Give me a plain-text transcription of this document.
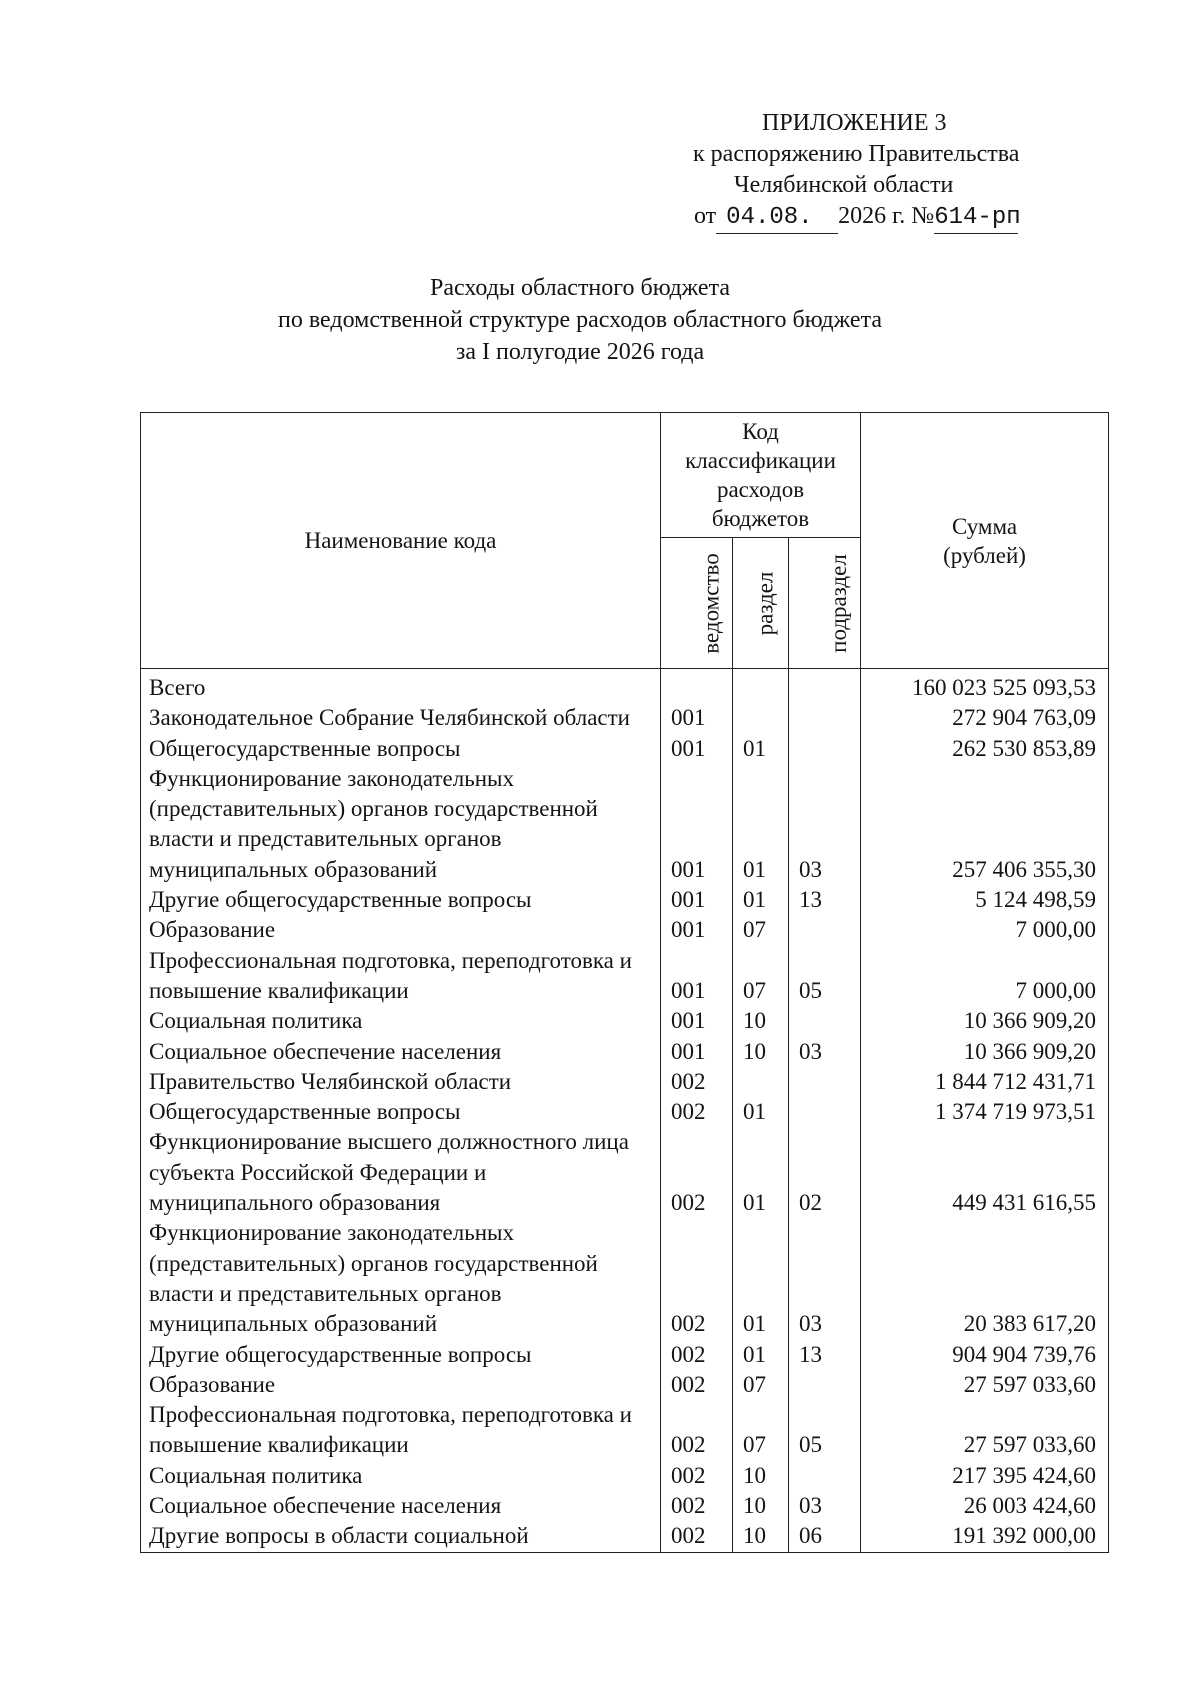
ПРИЛОЖЕНИЕ 3
к распоряжению Правительства
Челябинской области
от 04.08. 2026 г. №614-рп
Расходы областного бюджета
по ведомственной структуре расходов областного бюджета
за I полугодие 2026 года
Наименование кода	Код классификации расходов бюджетов			Сумма (рублей)
	ведомство	раздел	подраздел	
Всего				160 023 525 093,53
Законодательное Собрание Челябинской области	001			272 904 763,09
Общегосударственные вопросы	001	01		262 530 853,89
Функционирование законодательных (представительных) органов государственной власти и представительных органов муниципальных образований	001	01	03	257 406 355,30
Другие общегосударственные вопросы	001	01	13	5 124 498,59
Образование	001	07		7 000,00
Профессиональная подготовка, переподготовка и повышение квалификации	001	07	05	7 000,00
Социальная политика	001	10		10 366 909,20
Социальное обеспечение населения	001	10	03	10 366 909,20
Правительство Челябинской области	002			1 844 712 431,71
Общегосударственные вопросы	002	01		1 374 719 973,51
Функционирование высшего должностного лица субъекта Российской Федерации и муниципального образования	002	01	02	449 431 616,55
Функционирование законодательных (представительных) органов государственной власти и представительных органов муниципальных образований	002	01	03	20 383 617,20
Другие общегосударственные вопросы	002	01	13	904 904 739,76
Образование	002	07		27 597 033,60
Профессиональная подготовка, переподготовка и повышение квалификации	002	07	05	27 597 033,60
Социальная политика	002	10		217 395 424,60
Социальное обеспечение населения	002	10	03	26 003 424,60
Другие вопросы в области социальной	002	10	06	191 392 000,00
